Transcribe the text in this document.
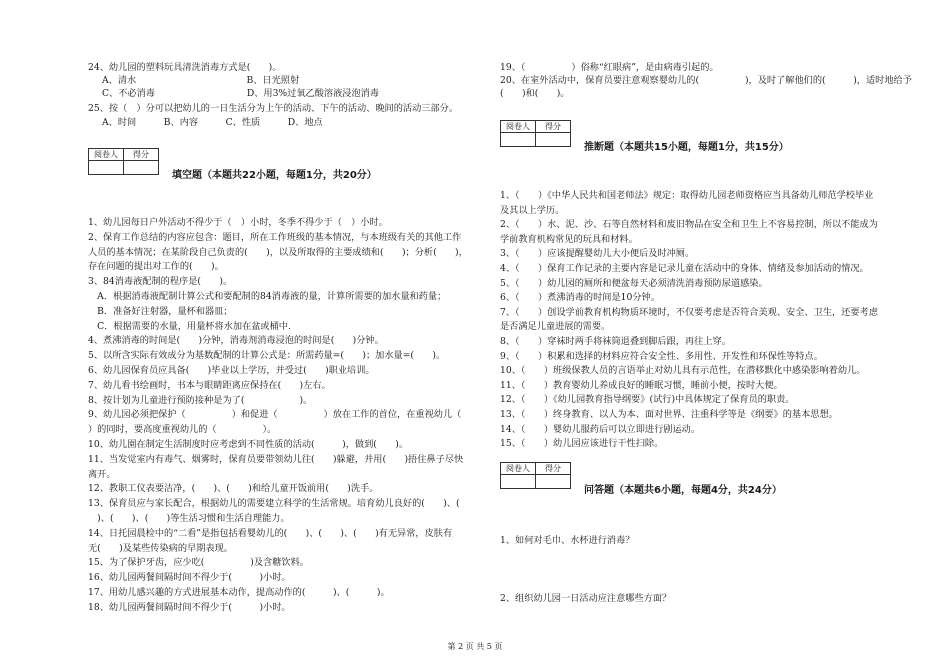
24、幼儿园的塑料玩具清洗消毒方式是(　　)。
A、清水　　　　　　　　　　　　B、日光照射
C、不必消毒　　　　　　　　　　D、用3%过氧乙酸溶液浸泡消毒
25、按（　）分可以把幼儿的一日生活分为上午的活动、下午的活动、晚间的活动三部分。
A、时间　　　B、内容　　　C、性质　　　D、地点
阅卷人	得分

填空题（本题共22小题，每题1分，共20分）
1、幼儿园每日户外活动不得少于（　）小时，冬季不得少于（　）小时。
2、保育工作总结的内容应包含：题目，所在工作班级的基本情况，与本班级有关的其他工作
人员的基本情况；在某阶段自己负责的(　　)，以及所取得的主要成绩和(　　)；分析(　　)，
存在问题的提出对工作的(　　)。
3、84消毒液配制的程序是(　　)。
　A．根据消毒液配制计算公式和要配制的84消毒液的量，计算所需要的加水量和药量；
　B．准备好注射器，量杯和器皿；
　C．根据需要的水量，用量杯将水加在盆或桶中.
4、煮沸消毒的时间是(　　)分钟，消毒剂消毒浸泡的时间是(　　)分钟。
5、以所含实际有效成分为基数配制的计算公式是：所需药量=(　　)；加水量=(　　)。
6、幼儿园保育员应具备(　　)毕业以上学历，并受过(　　)职业培训。
7、幼儿看书绘画时，书本与眼睛距离应保持在(　　)左右。
8、按计划为儿童进行预防接种是为了(　　　　　　)。
9、幼儿园必须把保护（　　　　　）和促进（　　　　　）放在工作的首位，在重视幼儿（
）的同时，要高度重视幼儿的（　　　　　）。
10、幼儿園在制定生活制度时应考虑到不同性质的活动(　　　)，做到(　　)。
11、当发觉室内有毒气、烟雾时，保育员要带领幼儿往(　　)躲避，并用(　　)捂住鼻子尽快
离开。
12、教职工仪表要洁净，(　　)、(　　)和给儿童开饭前用(　　)洗手。
13、保育员应与家长配合，根据幼儿的需要建立科学的生活常规。培育幼儿良好的(　　)、(
　)、(　　)、(　　)等生活习惯和生活自理能力。
14、日托园晨检中的“二看”是指包括看婴幼儿的(　　)、(　　)、(　　)有无异常，皮肤有
无(　　)及某些传染病的早期表现。
15、为了保护牙齿，应少吃(　　　　　)及含糖饮料。
16、幼儿园两餐间隔时间不得少于(　　　)小时。
17、用幼儿感兴趣的方式进展基本动作，提高动作的(　　　)、(　　　)。
18、幼儿园两餐间隔时间不得少于(　　　)小时。
19、（　　　　　）俗称“红眼病”，是由病毒引起的。
20、在室外活动中，保育员要注意观察婴幼儿的(　　　　　)，及时了解他们的(　　　)，适时地给予
(　　)和(　　)。
阅卷人	得分

推断题（本题共15小题，每题1分，共15分）
1、（　　）《中华人民共和国老师法》规定：取得幼儿园老师资格应当具备幼儿师范学校毕业
及其以上学历。
2、（　　）水、泥、沙、石等自然材料和废旧物品在安全和卫生上不容易控制，所以不能成为
学前教育机构常见的玩具和材料。
3、（　　）应该提醒婴幼儿大小便后及时冲厕。
4、（　　）保育工作记录的主要内容是记录儿童在活动中的身体、情绪及参加活动的情况。
5、（　　）幼儿园的厕所和便盆每天必须清洗消毒预防尿道感染。
6、（　　）煮沸消毒的时间是10分钟。
7、（　　）创设学前教育机构物质环境时，不仅要考虑是否符合美观、安全、卫生，还要考虑
是否满足儿童进展的需要。
8、（　　）穿袜时两手将袜筒退叠到脚后跟，再往上穿。
9、（　　）积累和选择的材料应符合安全性、多用性、开发性和环保性等特点。
10、（　　）班级保教人员的言语举止对幼儿具有示范性，在潜移默化中感染影响着幼儿。
11、（　　）教育婴幼儿养成良好的睡眠习惯，睡前小便，按时大便。
12、（　　）《幼儿园教育指导纲要》(试行)中具体规定了保育员的职责。
13、（　　）终身教育、以人为本、面对世界、注重科学等是《纲要》的基本思想。
14、（　　）婴幼儿服药后可以立即进行剧运动。
15、（　　）幼儿园应该进行干性扫除。
阅卷人	得分

问答题（本题共6小题，每题4分，共24分）
1、如何对毛巾、水杯进行消毒？
2、组织幼儿园一日活动应注意哪些方面？
第 2 页 共 5 页
